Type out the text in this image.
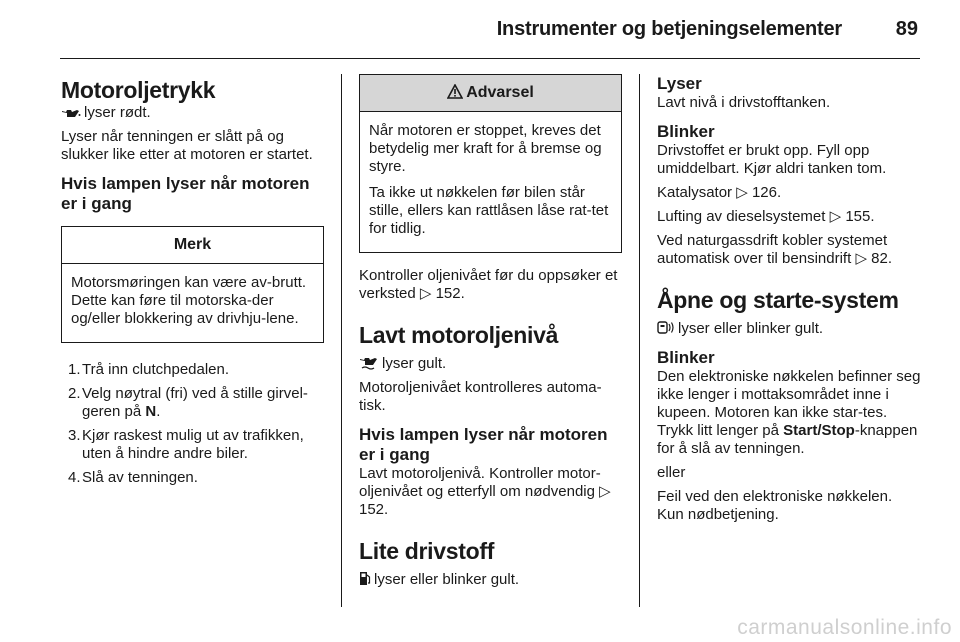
Instrumenter og betjeningselementer	89
Motoroljetrykk

lyser rødt.

Lyser når tenningen er slått på og slukker like etter at motoren er startet.

Hvis lampen lyser når motoren er i gang
Merk

Motorsmøringen kan være av-brutt. Dette kan føre til motorska-der og/eller blokkering av drivhju-lene.

1. Trå inn clutchpedalen.
2. Velg nøytral (fri) ved å stille girvel-geren på N.
3. Kjør raskest mulig ut av trafikken, uten å hindre andre biler.
4. Slå av tenningen.
Advarsel

Når motoren er stoppet, kreves det betydelig mer kraft for å bremse og styre.

Ta ikke ut nøkkelen før bilen står stille, ellers kan rattlåsen låse rat-tet for tidlig.

Kontroller oljenivået før du oppsøker et verksted ▷ 152.

Lavt motoroljenivå

lyser gult.

Motoroljenivået kontrolleres automa-tisk.

Hvis lampen lyser når motoren er i gang

Lavt motoroljenivå. Kontroller motor-oljenivået og etterfyll om nødvendig ▷ 152.

Lite drivstoff

lyser eller blinker gult.

Lyser

Lavt nivå i drivstofftanken.

Blinker

Drivstoffet er brukt opp. Fyll opp umiddelbart. Kjør aldri tanken tom.

Katalysator ▷ 126.

Lufting av dieselsystemet ▷ 155.

Ved naturgassdrift kobler systemet automatisk over til bensindrift ▷ 82.

Åpne og starte-system

lyser eller blinker gult.

Blinker

Den elektroniske nøkkelen befinner seg ikke lenger i mottaksområdet inne i kupeen. Motoren kan ikke star-tes. Trykk litt lenger på Start/Stop-knappen for å slå av tenningen.

eller

Feil ved den elektroniske nøkkelen. Kun nødbetjening.

carmanualsonline.info
